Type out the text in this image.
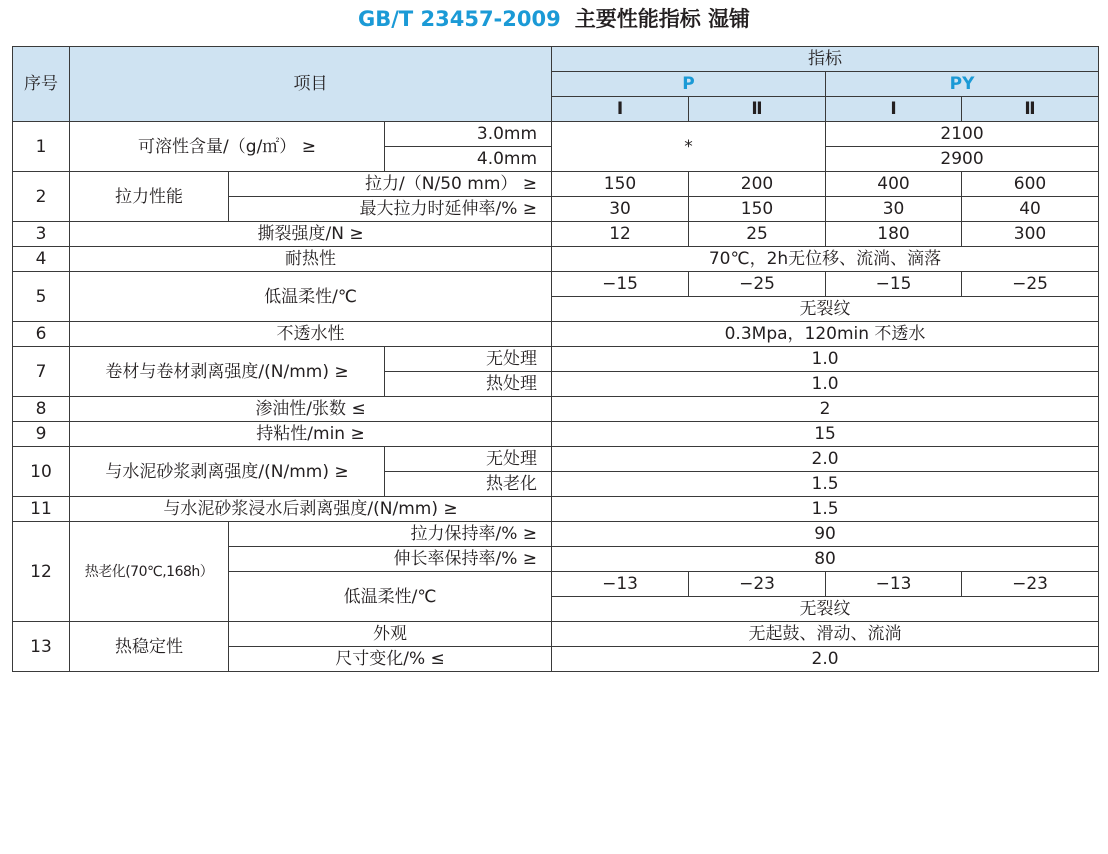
GB/T 23457-2009 主要性能指标 湿铺
序号	项目			指标			
				P		PY	
				Ⅰ	Ⅱ	Ⅰ	Ⅱ
1	可溶性含量/（g/㎡） ≥		3.0mm	*		2100	
			4.0mm			2900	
2	拉力性能	拉力/（N/50 mm） ≥		150	200	400	600
		最大拉力时延伸率/% ≥		30	150	30	40
3	撕裂强度/N ≥			12	25	180	300
4	耐热性			70℃，2h无位移、流淌、滴落			
5	低温柔性/℃			−15	−25	−15	−25
				无裂纹			
6	不透水性			0.3Mpa，120min 不透水			
7	卷材与卷材剥离强度/(N/mm) ≥		无处理	1.0			
			热处理	1.0			
8	渗油性/张数 ≤			2			
9	持粘性/min ≥			15			
10	与水泥砂浆剥离强度/(N/mm) ≥		无处理	2.0			
			热老化	1.5			
11	与水泥砂浆浸水后剥离强度/(N/mm) ≥			1.5			
12	热老化(70℃,168h）	拉力保持率/% ≥		90			
		伸长率保持率/% ≥		80			
		低温柔性/℃		−13	−23	−13	−23
				无裂纹			
13	热稳定性	外观		无起鼓、滑动、流淌			
		尺寸变化/% ≤		2.0			
